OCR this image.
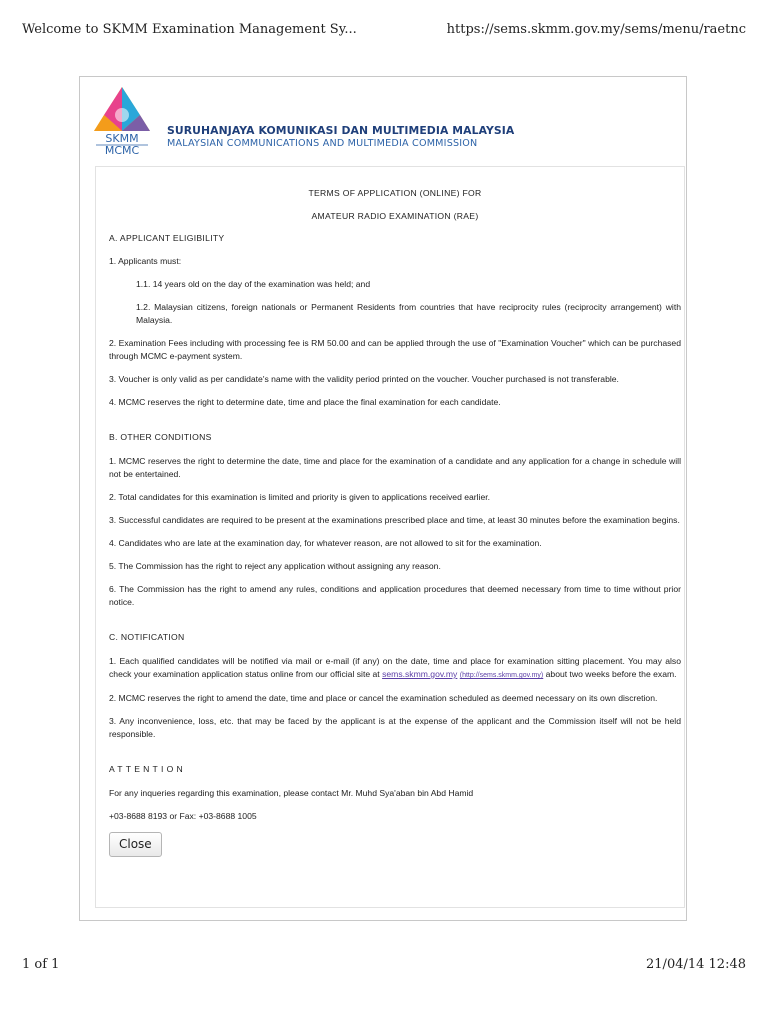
Welcome to SKMM Examination Management Sy...	https://sems.skmm.gov.my/sems/menu/raetnc
SKMM
MCMC
SURUHANJAYA KOMUNIKASI DAN MULTIMEDIA MALAYSIA
MALAYSIAN COMMUNICATIONS AND MULTIMEDIA COMMISSION

TERMS OF APPLICATION (ONLINE) FOR

AMATEUR RADIO EXAMINATION (RAE)

A. APPLICANT ELIGIBILITY

1. Applicants must:

1.1. 14 years old on the day of the examination was held; and

1.2. Malaysian citizens, foreign nationals or Permanent Residents from countries that have reciprocity rules (reciprocity arrangement) with Malaysia.

2. Examination Fees including with processing fee is RM 50.00 and can be applied through the use of "Examination Voucher" which can be purchased through MCMC e-payment system.

3. Voucher is only valid as per candidate's name with the validity period printed on the voucher. Voucher purchased is not transferable.

4. MCMC reserves the right to determine date, time and place the final examination for each candidate.

B. OTHER CONDITIONS

1. MCMC reserves the right to determine the date, time and place for the examination of a candidate and any application for a change in schedule will not be entertained.

2. Total candidates for this examination is limited and priority is given to applications received earlier.

3. Successful candidates are required to be present at the examinations prescribed place and time, at least 30 minutes before the examination begins.

4. Candidates who are late at the examination day, for whatever reason, are not allowed to sit for the examination.

5. The Commission has the right to reject any application without assigning any reason.

6. The Commission has the right to amend any rules, conditions and application procedures that deemed necessary from time to time without prior notice.

C. NOTIFICATION

1. Each qualified candidates will be notified via mail or e-mail (if any) on the date, time and place for examination sitting placement. You may also check your examination application status online from our official site at sems.skmm.gov.my (http://sems.skmm.gov.my) about two weeks before the exam.

2. MCMC reserves the right to amend the date, time and place or cancel the examination scheduled as deemed necessary on its own discretion.

3. Any inconvenience, loss, etc. that may be faced by the applicant is at the expense of the applicant and the Commission itself will not be held responsible.

ATTENTION

For any inqueries regarding this examination, please contact Mr. Muhd Sya'aban bin Abd Hamid

+03-8688 8193 or Fax: +03-8688 1005

Close
1 of 1	21/04/14 12:48
